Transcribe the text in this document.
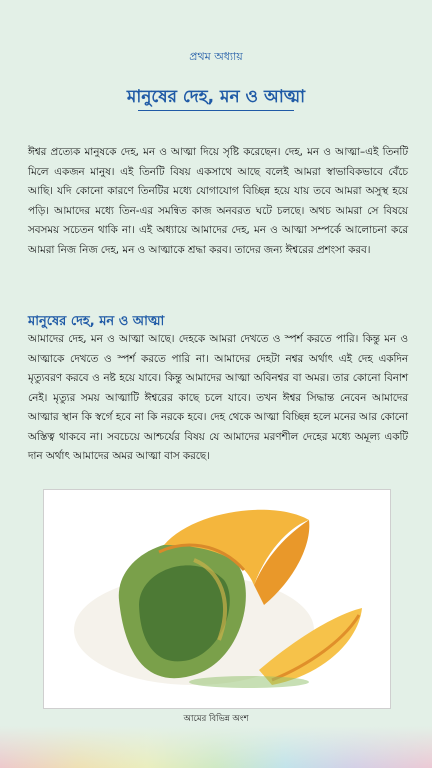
প্রথম অধ্যায়
মানুষের দেহ, মন ও আত্মা
ঈশ্বর প্রত্যেক মানুষকে দেহ, মন ও আত্মা দিয়ে সৃষ্টি করেছেন। দেহ, মন ও আত্মা–এই তিনটি মিলে একজন মানুষ। এই তিনটি বিষয় একসাথে আছে বলেই আমরা স্বাভাবিকভাবে বেঁচে আছি। যদি কোনো কারণে তিনটির মধ্যে যোগাযোগ বিচ্ছিন্ন হয়ে যায় তবে আমরা অসুস্থ হয়ে পড়ি। আমাদের মধ্যে তিন-এর সমন্বিত কাজ অনবরত ঘটে চলছে। অথচ আমরা সে বিষয়ে সবসময় সচেতন থাকি না। এই অধ্যায়ে আমাদের দেহ, মন ও আত্মা সম্পর্কে আলোচনা করে আমরা নিজ নিজ দেহ, মন ও আত্মাকে শ্রদ্ধা করব। তাদের জন্য ঈশ্বরের প্রশংসা করব।
মানুষের দেহ, মন ও আত্মা
আমাদের দেহ, মন ও আত্মা আছে। দেহকে আমরা দেখতে ও স্পর্শ করতে পারি। কিন্তু মন ও আত্মাকে দেখতে ও স্পর্শ করতে পারি না। আমাদের দেহটা নশ্বর অর্থাৎ এই দেহ একদিন মৃত্যুবরণ করবে ও নষ্ট হয়ে যাবে। কিন্তু আমাদের আত্মা অবিনশ্বর বা অমর। তার কোনো বিনাশ নেই। মৃত্যুর সময় আত্মাটি ঈশ্বরের কাছে চলে যাবে। তখন ঈশ্বর সিদ্ধান্ত নেবেন আমাদের আত্মার স্থান কি স্বর্গে হবে না কি নরকে হবে। দেহ থেকে আত্মা বিচ্ছিন্ন হলে মনের আর কোনো অস্তিত্ব থাকবে না। সবচেয়ে আশ্চর্যের বিষয় যে আমাদের মরণশীল দেহের মধ্যে অমূল্য একটি দান অর্থাৎ আমাদের অমর আত্মা বাস করছে।
আমের বিভিন্ন অংশ
